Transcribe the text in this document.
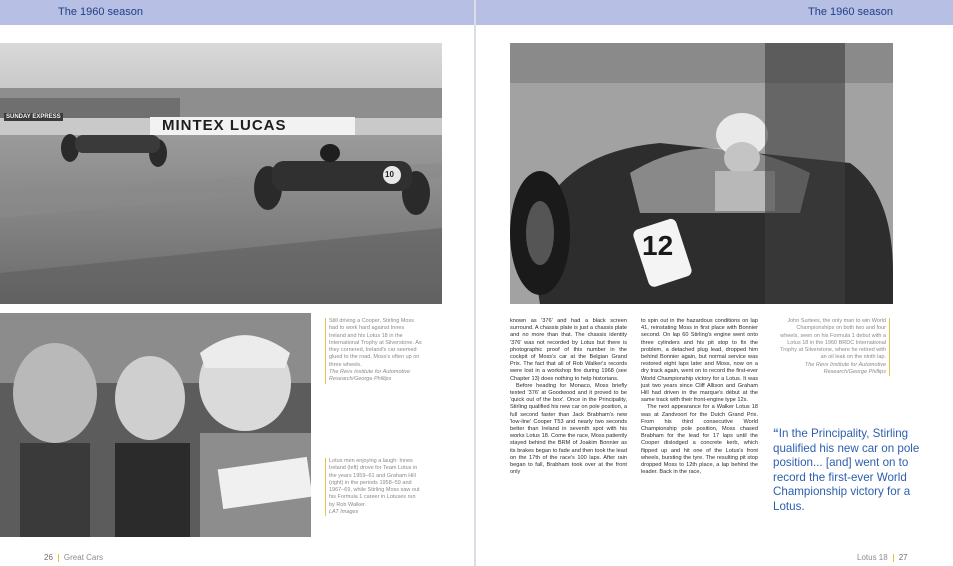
The 1960 season	The 1960 season
MINTEX LUCAS
SUNDAY EXPRESS
10
Still driving a Cooper, Stirling Moss had to work hard against Innes Ireland and his Lotus 18 in the International Trophy at Silverstone. As they cornered, Ireland's car seemed glued to the road, Moss's often up on three wheels.
The Revs Institute for Automotive Research/George Phillips
Lotus men enjoying a laugh: Innes Ireland (left) drove for Team Lotus in the years 1959–61 and Graham Hill (right) in the periods 1958–59 and 1967–69, while Stirling Moss saw out his Formula 1 career in Lotuses run by Rob Walker.
LAT Images
12
John Surtees, the only man to win World Championships on both two and four wheels, seen on his Formula 1 debut with a Lotus 18 in the 1960 BRDC International Trophy at Silverstone, where he retired with an oil leak on the ninth lap.
The Revs Institute for Automotive Research/George Phillips

known as '376' and had a black screen surround. A chassis plate is just a chassis plate and no more than that. The chassis identity '376' was not recorded by Lotus but there is photographic proof of this number in the cockpit of Moss's car at the Belgian Grand Prix. The fact that all of Rob Walker's records were lost in a workshop fire during 1968 (see Chapter 13) does nothing to help historians.

Before heading for Monaco, Moss briefly tested '376' at Goodwood and it proved to be 'quick out of the box'. Once in the Principality, Stirling qualified his new car on pole position, a full second faster than Jack Brabham's new 'low-line' Cooper T53 and nearly two seconds better than Ireland in seventh spot with his works Lotus 18. Come the race, Moss patiently stayed behind the BRM of Joakim Bonnier as its brakes began to fade and then took the lead on the 17th of the race's 100 laps. After rain began to fall, Brabham took over at the front only

to spin out in the hazardous conditions on lap 41, reinstating Moss in first place with Bonnier second. On lap 60 Stirling's engine went onto three cylinders and his pit stop to fix the problem, a detached plug lead, dropped him behind Bonnier again, but normal service was restored eight laps later and Moss, now on a dry track again, went on to record the first-ever World Championship victory for a Lotus. It was just two years since Cliff Allison and Graham Hill had driven in the marque's début at the same track with their front-engine type 12s.

The next appearance for a Walker Lotus 18 was at Zandvoort for the Dutch Grand Prix. From his third consecutive World Championship pole position, Moss chased Brabham for the lead for 17 laps until the Cooper dislodged a concrete kerb, which flipped up and hit one of the Lotus's front wheels, bursting the tyre. The resulting pit stop dropped Moss to 12th place, a lap behind the leader. Back in the race,

“In the Principality, Stirling qualified his new car on pole position... [and] went on to record the first-ever World Championship victory for a Lotus.
26 Great Cars	Lotus 18 27
